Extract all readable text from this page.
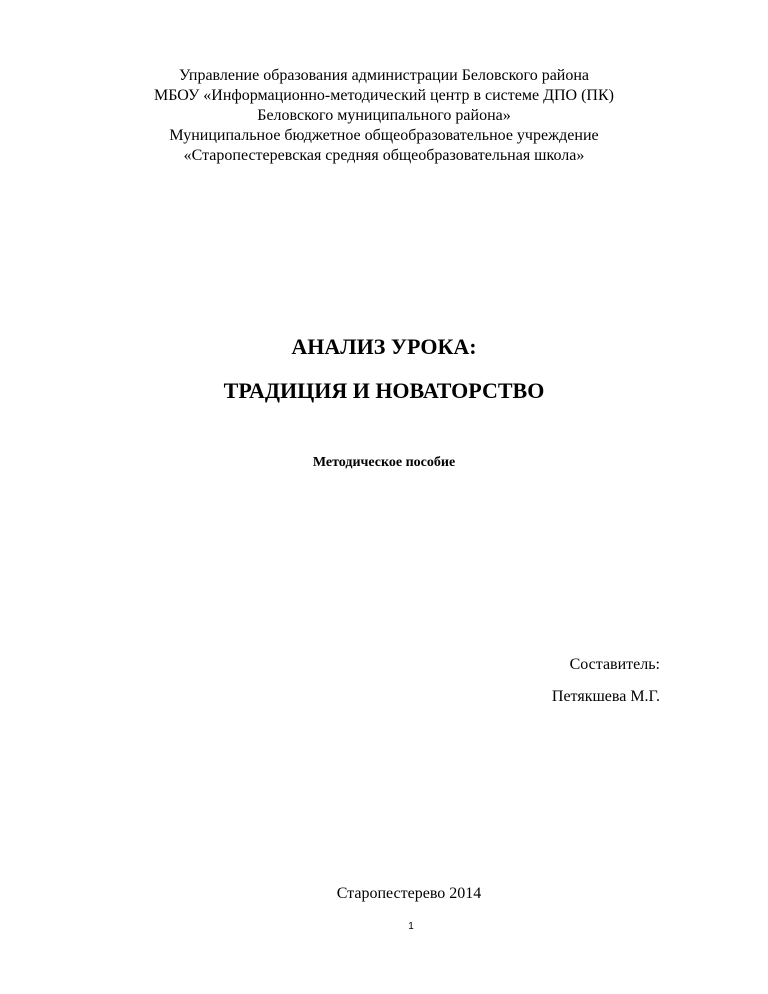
Управление образования администрации Беловского района
МБОУ «Информационно-методический центр в системе ДПО (ПК)
Беловского муниципального района»
Муниципальное бюджетное общеобразовательное учреждение
«Старопестеревская средняя общеобразовательная школа»
АНАЛИЗ УРОКА:
ТРАДИЦИЯ И НОВАТОРСТВО
Методическое пособие
Составитель:
Петякшева М.Г.
Старопестерево 2014
1
